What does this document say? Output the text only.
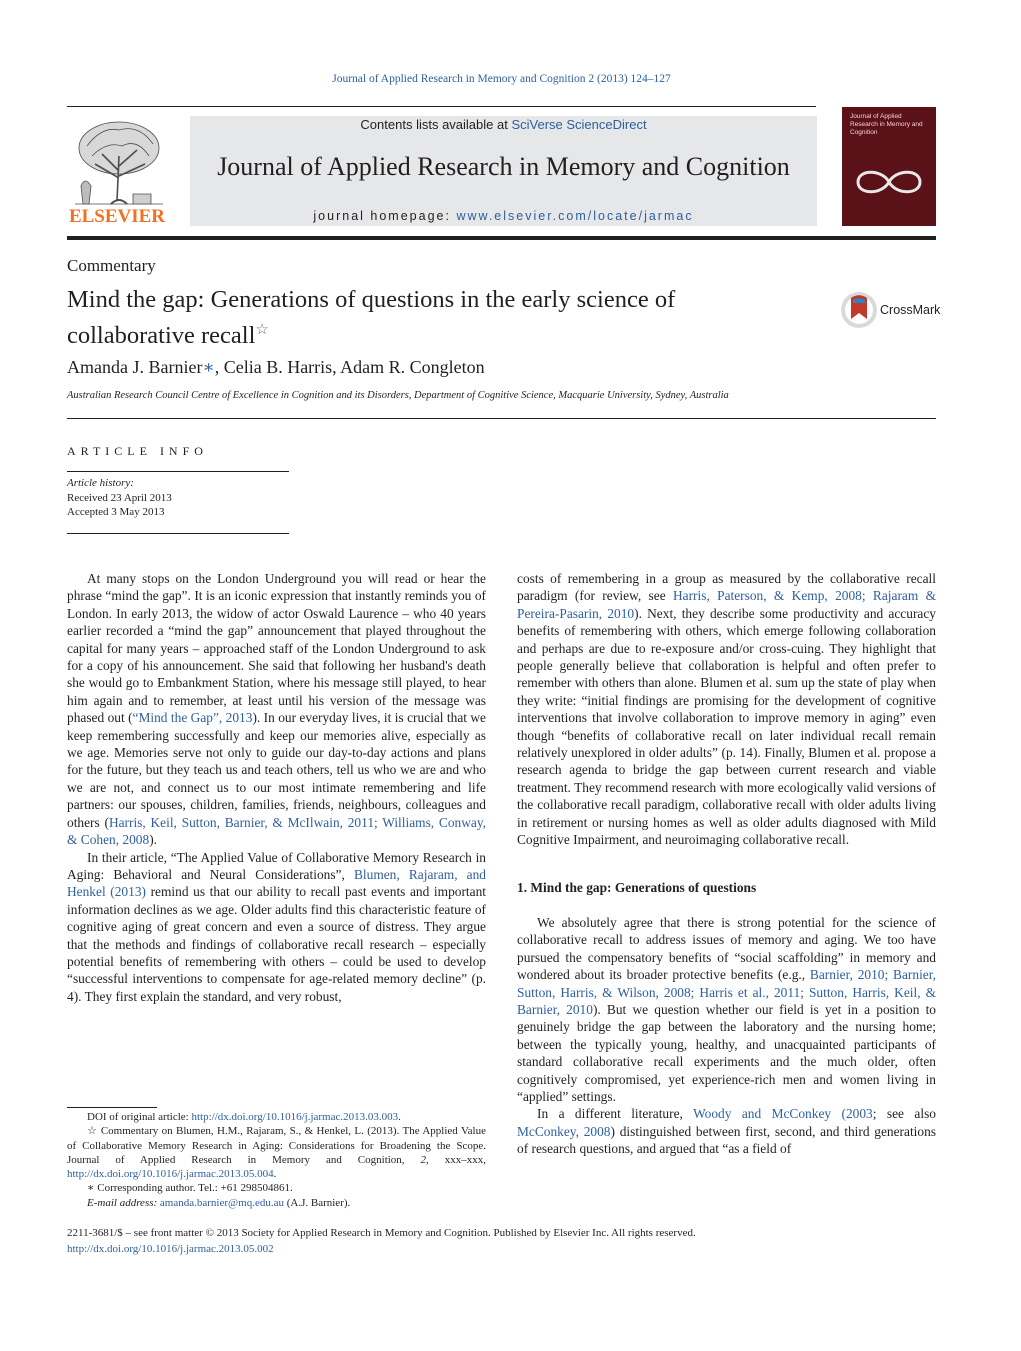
Journal of Applied Research in Memory and Cognition 2 (2013) 124–127
ELSEVIER
Contents lists available at SciVerse ScienceDirect
Journal of Applied Research in Memory and Cognition
journal homepage: www.elsevier.com/locate/jarmac
Journal of Applied Research in Memory and Cognition
Commentary
Mind the gap: Generations of questions in the early science of collaborative recall☆
CrossMark
Amanda J. Barnier∗, Celia B. Harris, Adam R. Congleton
Australian Research Council Centre of Excellence in Cognition and its Disorders, Department of Cognitive Science, Macquarie University, Sydney, Australia
ARTICLE INFO
Article history:
Received 23 April 2013
Accepted 3 May 2013

At many stops on the London Underground you will read or hear the phrase “mind the gap”. It is an iconic expression that instantly reminds you of London. In early 2013, the widow of actor Oswald Laurence – who 40 years earlier recorded a “mind the gap” announcement that played throughout the capital for many years – approached staff of the London Underground to ask for a copy of his announcement. She said that following her husband's death she would go to Embankment Station, where his message still played, to hear him again and to remember, at least until his version of the message was phased out (“Mind the Gap”, 2013). In our everyday lives, it is crucial that we keep remembering successfully and keep our memories alive, especially as we age. Memories serve not only to guide our day-to-day actions and plans for the future, but they teach us and teach others, tell us who we are and who we are not, and connect us to our most intimate remembering and life partners: our spouses, children, families, friends, neighbours, colleagues and others (Harris, Keil, Sutton, Barnier, & McIlwain, 2011; Williams, Conway, & Cohen, 2008).

In their article, “The Applied Value of Collaborative Memory Research in Aging: Behavioral and Neural Considerations”, Blumen, Rajaram, and Henkel (2013) remind us that our ability to recall past events and important information declines as we age. Older adults find this characteristic feature of cognitive aging of great concern and even a source of distress. They argue that the methods and findings of collaborative recall research – especially potential benefits of remembering with others – could be used to develop “successful interventions to compensate for age-related memory decline” (p. 4). They first explain the standard, and very robust,

DOI of original article: http://dx.doi.org/10.1016/j.jarmac.2013.03.003.

☆ Commentary on Blumen, H.M., Rajaram, S., & Henkel, L. (2013). The Applied Value of Collaborative Memory Research in Aging: Considerations for Broadening the Scope. Journal of Applied Research in Memory and Cognition, 2, xxx–xxx, http://dx.doi.org/10.1016/j.jarmac.2013.05.004.

∗ Corresponding author. Tel.: +61 298504861.

E-mail address: amanda.barnier@mq.edu.au (A.J. Barnier).

costs of remembering in a group as measured by the collaborative recall paradigm (for review, see Harris, Paterson, & Kemp, 2008; Rajaram & Pereira-Pasarin, 2010). Next, they describe some productivity and accuracy benefits of remembering with others, which emerge following collaboration and perhaps are due to re-exposure and/or cross-cuing. They highlight that people generally believe that collaboration is helpful and often prefer to remember with others than alone. Blumen et al. sum up the state of play when they write: “initial findings are promising for the development of cognitive interventions that involve collaboration to improve memory in aging” even though “benefits of collaborative recall on later individual recall remain relatively unexplored in older adults” (p. 14). Finally, Blumen et al. propose a research agenda to bridge the gap between current research and viable treatment. They recommend research with more ecologically valid versions of the collaborative recall paradigm, collaborative recall with older adults living in retirement or nursing homes as well as older adults diagnosed with Mild Cognitive Impairment, and neuroimaging collaborative recall.

1. Mind the gap: Generations of questions

We absolutely agree that there is strong potential for the science of collaborative recall to address issues of memory and aging. We too have pursued the compensatory benefits of “social scaffolding” in memory and wondered about its broader protective benefits (e.g., Barnier, 2010; Barnier, Sutton, Harris, & Wilson, 2008; Harris et al., 2011; Sutton, Harris, Keil, & Barnier, 2010). But we question whether our field is yet in a position to genuinely bridge the gap between the laboratory and the nursing home; between the typically young, healthy, and unacquainted participants of standard collaborative recall experiments and the much older, often cognitively compromised, yet experience-rich men and women living in “applied” settings.

In a different literature, Woody and McConkey (2003; see also McConkey, 2008) distinguished between first, second, and third generations of research questions, and argued that “as a field of

2211-3681/$ – see front matter © 2013 Society for Applied Research in Memory and Cognition. Published by Elsevier Inc. All rights reserved.
http://dx.doi.org/10.1016/j.jarmac.2013.05.002
